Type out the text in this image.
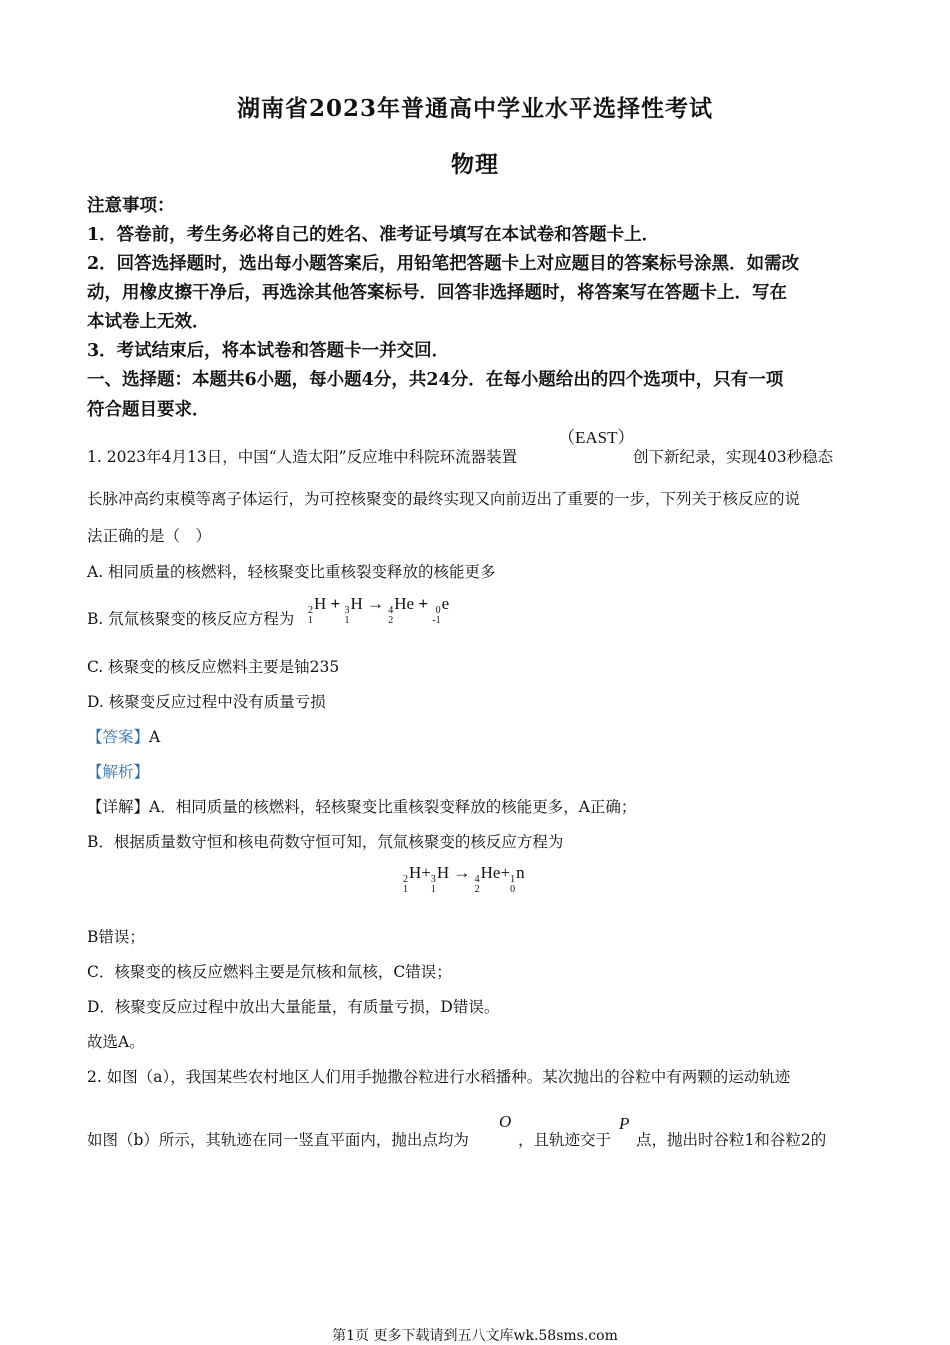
湖南省2023年普通高中学业水平选择性考试
物理
注意事项：
1．答卷前，考生务必将自己的姓名、准考证号填写在本试卷和答题卡上．
2．回答选择题时，选出每小题答案后，用铅笔把答题卡上对应题目的答案标号涂黑．如需改
动，用橡皮擦干净后，再选涂其他答案标号．回答非选择题时，将答案写在答题卡上．写在
本试卷上无效．
3．考试结束后，将本试卷和答题卡一并交回．
一、选择题：本题共6小题，每小题4分，共24分．在每小题给出的四个选项中，只有一项
符合题目要求．
（EAST）
1. 2023年4月13日，中国“人造太阳”反应堆中科院环流器装置	创下新纪录，实现403秒稳态
长脉冲高约束模等离子体运行，为可控核聚变的最终实现又向前迈出了重要的一步，下列关于核反应的说
法正确的是（　）
A. 相同质量的核燃料，轻核聚变比重核裂变释放的核能更多
B. 氘氚核聚变的核反应方程为 2
1
H + 3
1
H → 4
2
He + 0
-1
e
C. 核聚变的核反应燃料主要是铀235
D. 核聚变反应过程中没有质量亏损
【答案】A
【解析】
【详解】A．相同质量的核燃料，轻核聚变比重核裂变释放的核能更多，A正确；
B．根据质量数守恒和核电荷数守恒可知，氘氚核聚变的核反应方程为
2
1
H+ 3
1
H → 4
2
He+ 1
0
n
B错误；
C．核聚变的核反应燃料主要是氘核和氚核，C错误；
D．核聚变反应过程中放出大量能量，有质量亏损，D错误。
故选A。
2. 如图（a），我国某些农村地区人们用手抛撒谷粒进行水稻播种。某次抛出的谷粒中有两颗的运动轨迹
如图（b）所示，其轨迹在同一竖直平面内，抛出点均为
O
，且轨迹交于
P
点，抛出时谷粒1和谷粒2的
第1页 更多下载请到五八文库wk.58sms.com
